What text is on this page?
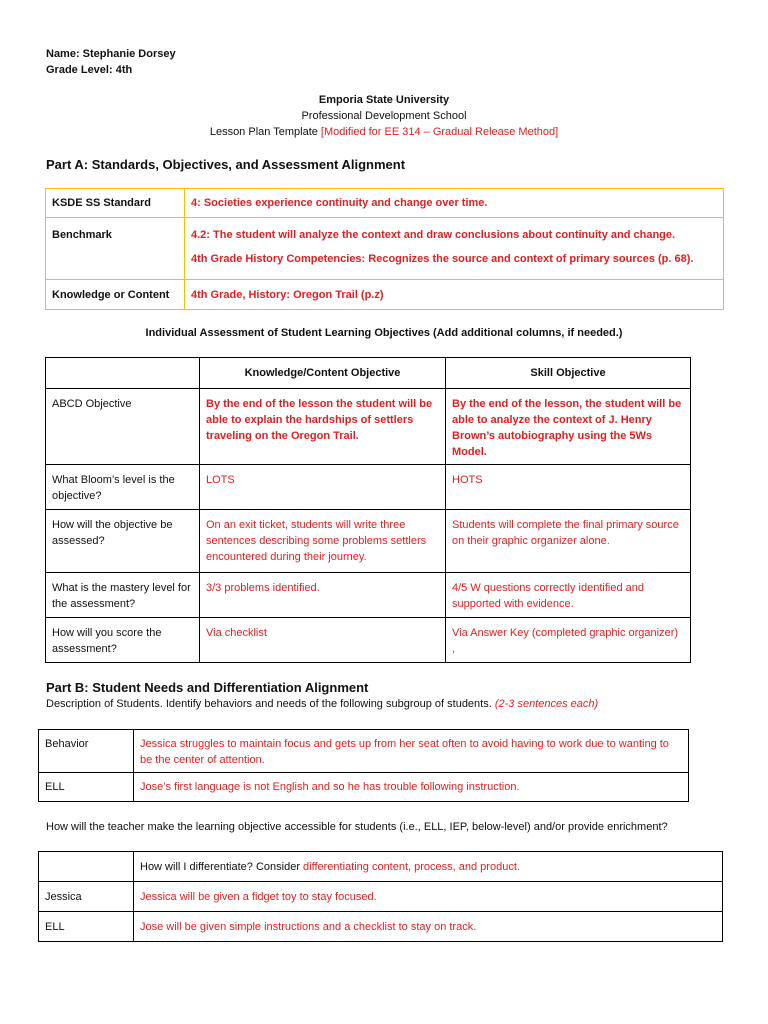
Name: Stephanie Dorsey
Grade Level: 4th
Emporia State University
Professional Development School
Lesson Plan Template [Modified for EE 314 – Gradual Release Method]
Part A: Standards, Objectives, and Assessment Alignment
KSDE SS Standard	4: Societies experience continuity and change over time.
Benchmark	4.2: The student will analyze the context and draw conclusions about continuity and change.
4th Grade History Competencies: Recognizes the source and context of primary sources (p. 68).

Knowledge or Content	4th Grade, History: Oregon Trail (p.z)
Individual Assessment of Student Learning Objectives (Add additional columns, if needed.)
	Knowledge/Content Objective	Skill Objective
ABCD Objective	By the end of the lesson the student will be able to explain the hardships of settlers traveling on the Oregon Trail.	By the end of the lesson, the student will be able to analyze the context of J. Henry Brown’s autobiography using the 5Ws Model.
What Bloom’s level is the objective?	LOTS	HOTS
How will the objective be assessed?	On an exit ticket, students will write three sentences describing some problems settlers encountered during their journey.	Students will complete the final primary source on their graphic organizer alone.
What is the mastery level for the assessment?	3/3 problems identified.	4/5 W questions correctly identified and supported with evidence.
How will you score the assessment?	Via checklist	Via Answer Key (completed graphic organizer) ,
Part B: Student Needs and Differentiation Alignment
Description of Students. Identify behaviors and needs of the following subgroup of students. (2-3 sentences each)
Behavior	Jessica struggles to maintain focus and gets up from her seat often to avoid having to work due to wanting to be the center of attention.
ELL	Jose’s first language is not English and so he has trouble following instruction.
How will the teacher make the learning objective accessible for students (i.e., ELL, IEP, below-level) and/or provide enrichment?
	How will I differentiate? Consider differentiating content, process, and product.
Jessica	Jessica will be given a fidget toy to stay focused.
ELL	Jose will be given simple instructions and a checklist to stay on track.
